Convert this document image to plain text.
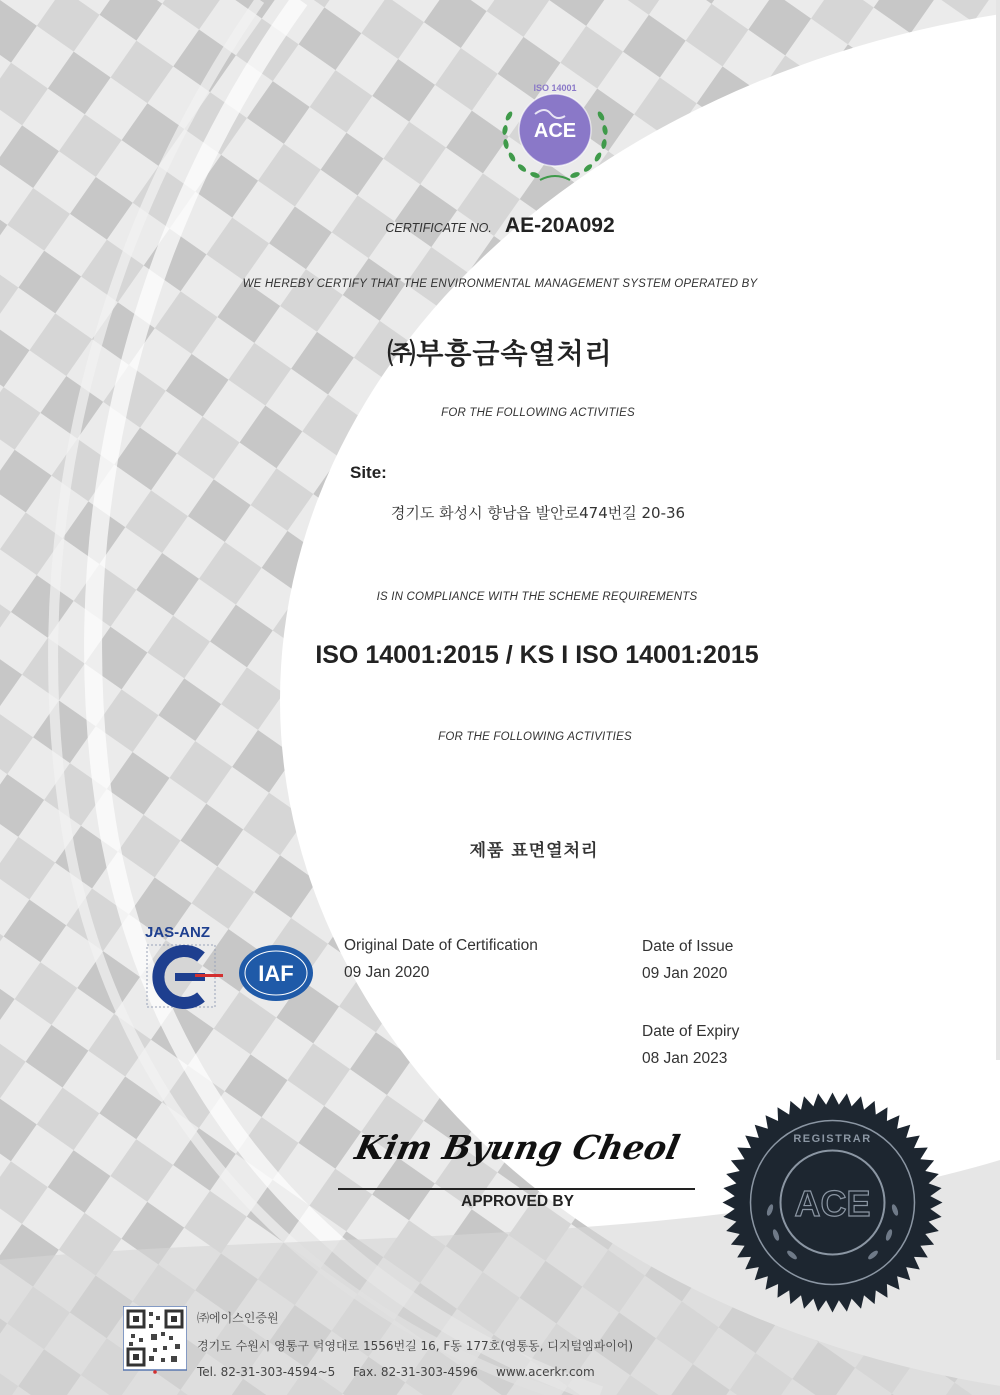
ACE
ISO 14001
CERTIFICATE NO. AE-20A092
WE HEREBY CERTIFY THAT THE ENVIRONMENTAL MANAGEMENT SYSTEM OPERATED BY
㈜부흥금속열처리
FOR THE FOLLOWING ACTIVITIES
Site:
경기도 화성시 향남읍 발안로474번길 20-36
IS IN COMPLIANCE WITH THE SCHEME REQUIREMENTS
ISO 14001:2015 / KS I ISO 14001:2015
FOR THE FOLLOWING ACTIVITIES
제품 표면열처리
JAS-ANZ
IAF
Original Date of Certification
09 Jan 2020
Date of Issue
09 Jan 2020
Date of Expiry
08 Jan 2023
Kim Byung Cheol
APPROVED BY	ACE
REGISTRAR
㈜에이스인증원
경기도 수원시 영통구 덕영대로 1556번길 16, F동 177호(영통동, 디지털엠파이어)
Tel. 82-31-303-4594~5 Fax. 82-31-303-4596 www.acerkr.com
